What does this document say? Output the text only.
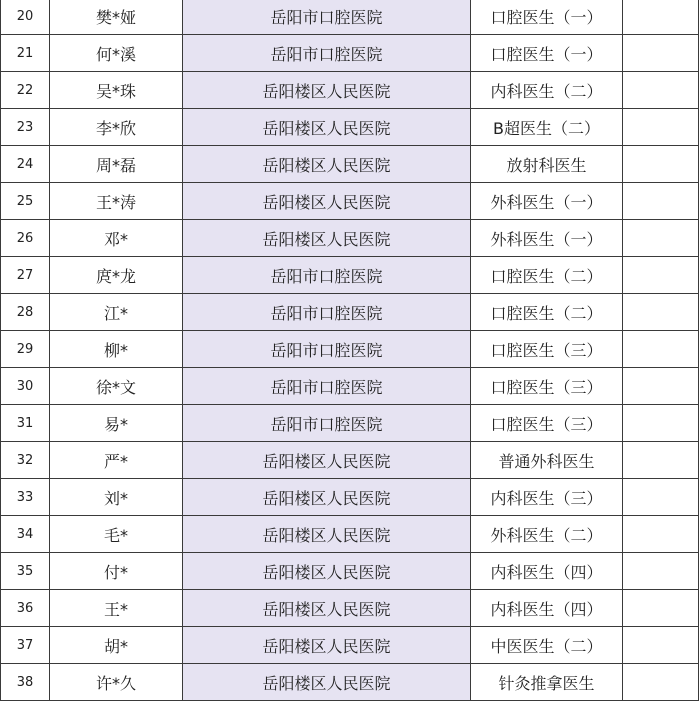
20	樊*娅	岳阳市口腔医院	口腔医生（一）
21	何*溪	岳阳市口腔医院	口腔医生（一）
22	吴*珠	岳阳楼区人民医院	内科医生（二）
23	李*欣	岳阳楼区人民医院	B超医生（二）
24	周*磊	岳阳楼区人民医院	放射科医生
25	王*涛	岳阳楼区人民医院	外科医生（一）
26	邓*	岳阳楼区人民医院	外科医生（一）
27	庹*龙	岳阳市口腔医院	口腔医生（二）
28	江*	岳阳市口腔医院	口腔医生（二）
29	柳*	岳阳市口腔医院	口腔医生（三）
30	徐*文	岳阳市口腔医院	口腔医生（三）
31	易*	岳阳市口腔医院	口腔医生（三）
32	严*	岳阳楼区人民医院	普通外科医生
33	刘*	岳阳楼区人民医院	内科医生（三）
34	毛*	岳阳楼区人民医院	外科医生（二）
35	付*	岳阳楼区人民医院	内科医生（四）
36	王*	岳阳楼区人民医院	内科医生（四）
37	胡*	岳阳楼区人民医院	中医医生（二）
38	许*久	岳阳楼区人民医院	针灸推拿医生
